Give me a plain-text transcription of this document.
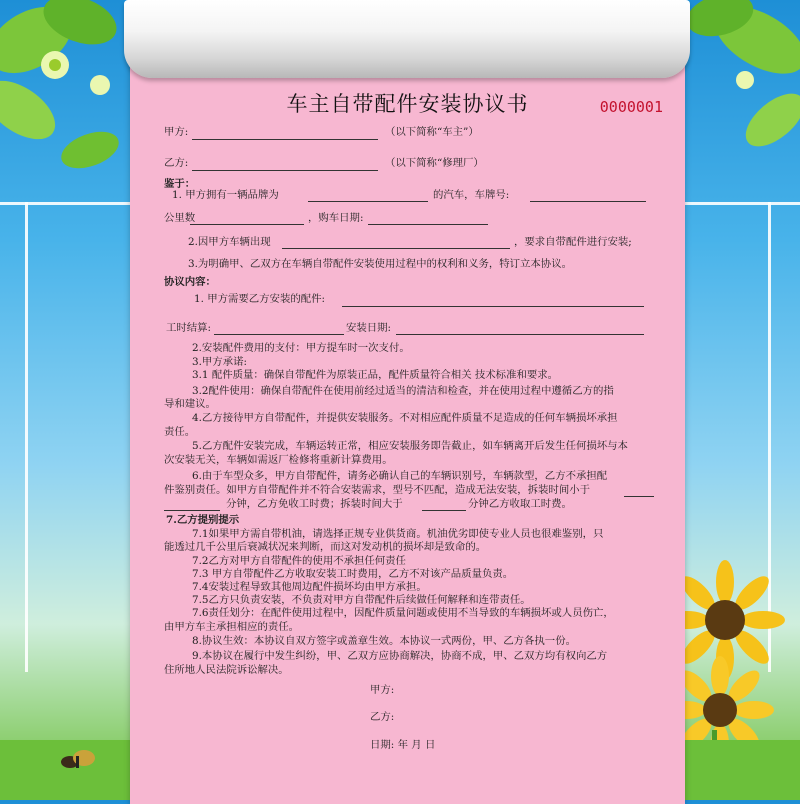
车主自带配件安装协议书	0000001
甲方:	（以下简称“车主”）
乙方:	（以下简称“修理厂）
鉴于：
1. 甲方拥有一辆品牌为	的汽车，车牌号:
公里数	，购车日期:
2.因甲方车辆出现	，要求自带配件进行安装;
3.为明确甲、乙双方在车辆自带配件安装使用过程中的权利和义务，特订立本协议。
协议内容：
1. 甲方需要乙方安装的配件:
工时结算:	安装日期:
2.安装配件费用的支付：甲方提车时一次支付。
3.甲方承诺:
3.1 配件质量：确保自带配件为原装正品，配件质量符合相关 技术标准和要求。
3.2配件使用：确保自带配件在使用前经过适当的清洁和检查，并在使用过程中遵循乙方的指
导和建议。
4.乙方接待甲方自带配件，并提供安装服务。不对相应配件质量不足造成的任何车辆损坏承担
责任。
5.乙方配件安装完成，车辆运转正常，相应安装服务即告截止，如车辆离开后发生任何损坏与本
次安装无关，车辆如需返厂检修将重新计算费用。
6.由于车型众多，甲方自带配件，请务必确认自己的车辆识别号，车辆款型，乙方不承担配
件鉴别责任。如甲方自带配件并不符合安装需求，型号不匹配，造成无法安装，拆装时间小于
分钟，乙方免收工时费；拆装时间大于	分钟乙方收取工时费。
7.乙方提别提示
7.1如果甲方需自带机油，请选择正规专业供货商。机油优劣即使专业人员也很难鉴别，只
能透过几千公里后衰减状况来判断，而这对发动机的损坏却是致命的。
7.2乙方对甲方自带配件的使用不承担任何责任
7.3 甲方自带配件乙方收取安装工时费用，乙方不对该产品质量负责。
7.4安装过程导致其他周边配件损坏均由甲方承担。
7.5乙方只负责安装，不负责对甲方自带配件后续做任何解释和连带责任。
7.6责任划分：在配件使用过程中，因配件质量问题或使用不当导致的车辆损坏或人员伤亡，
由甲方车主承担相应的责任。
8.协议生效：本协议自双方签字或盖章生效。本协议一式两份，甲、乙方各执一份。
9.本协议在履行中发生纠纷，甲、乙双方应协商解决，协商不成，甲、乙双方均有权向乙方
住所地人民法院诉讼解决。
甲方:
乙方:
日期: 年 月 日
